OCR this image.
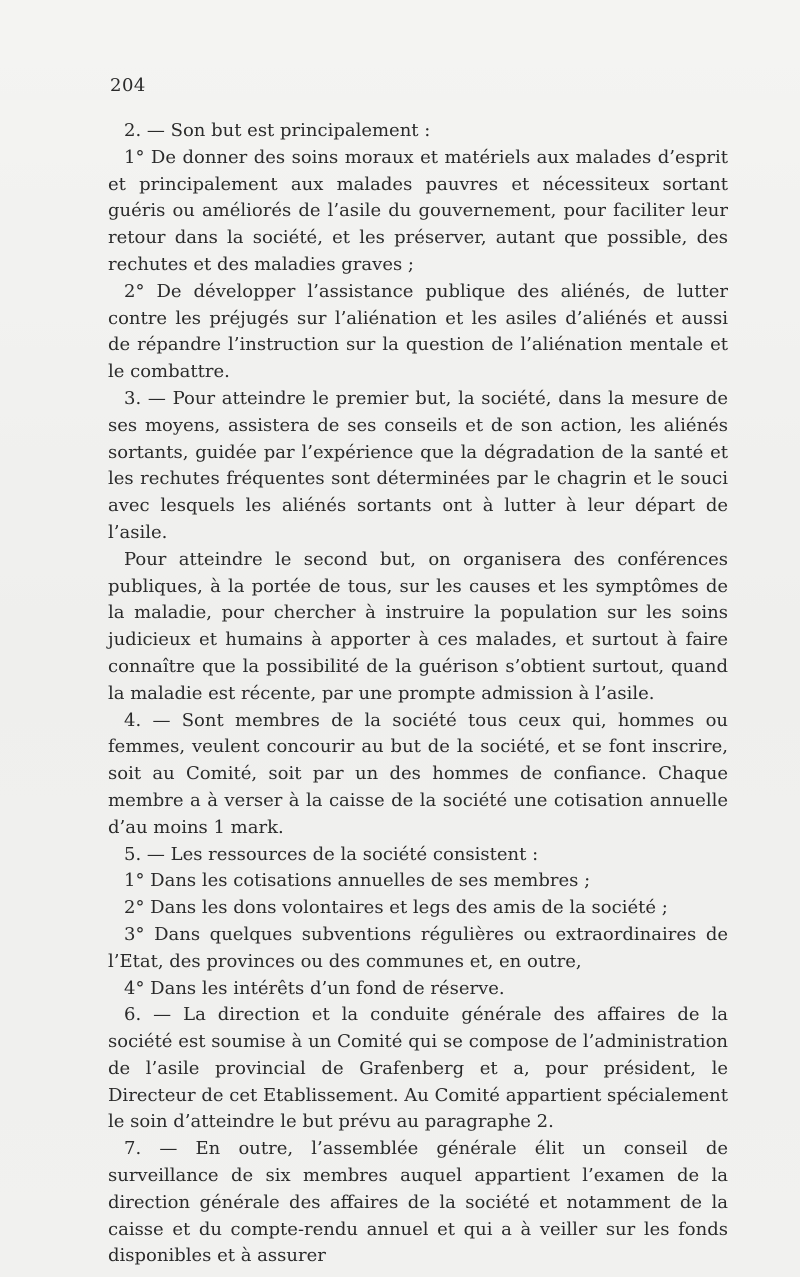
204

2. — Son but est principalement :

1° De donner des soins moraux et matériels aux malades d’esprit et principalement aux malades pauvres et nécessiteux sortant guéris ou améliorés de l’asile du gouvernement, pour faciliter leur retour dans la société, et les préserver, autant que possible, des rechutes et des maladies graves ;

2° De développer l’assistance publique des aliénés, de lutter contre les préjugés sur l’aliénation et les asiles d’aliénés et aussi de répandre l’instruction sur la question de l’aliénation mentale et le combattre.

3. — Pour atteindre le premier but, la société, dans la mesure de ses moyens, assistera de ses conseils et de son action, les aliénés sortants, guidée par l’expérience que la dégradation de la santé et les rechutes fréquentes sont déterminées par le chagrin et le souci avec lesquels les aliénés sortants ont à lutter à leur départ de l’asile.

Pour atteindre le second but, on organisera des conférences publiques, à la portée de tous, sur les causes et les symptômes de la maladie, pour chercher à instruire la population sur les soins judicieux et humains à apporter à ces malades, et surtout à faire connaître que la possibilité de la guérison s’obtient surtout, quand la maladie est récente, par une prompte admission à l’asile.

4. — Sont membres de la société tous ceux qui, hommes ou femmes, veulent concourir au but de la société, et se font inscrire, soit au Comité, soit par un des hommes de confiance. Chaque membre a à verser à la caisse de la société une cotisation annuelle d’au moins 1 mark.

5. — Les ressources de la société consistent :

1° Dans les cotisations annuelles de ses membres ;

2° Dans les dons volontaires et legs des amis de la société ;

3° Dans quelques subventions régulières ou extraordinaires de l’Etat, des provinces ou des communes et, en outre,

4° Dans les intérêts d’un fond de réserve.

6. — La direction et la conduite générale des affaires de la société est soumise à un Comité qui se compose de l’administration de l’asile provincial de Grafenberg et a, pour président, le Directeur de cet Etablissement. Au Comité appartient spécialement le soin d’atteindre le but prévu au paragraphe 2.

7. — En outre, l’assemblée générale élit un conseil de surveillance de six membres auquel appartient l’examen de la direction générale des affaires de la société et notamment de la caisse et du compte-rendu annuel et qui a à veiller sur les fonds disponibles et à assurer
